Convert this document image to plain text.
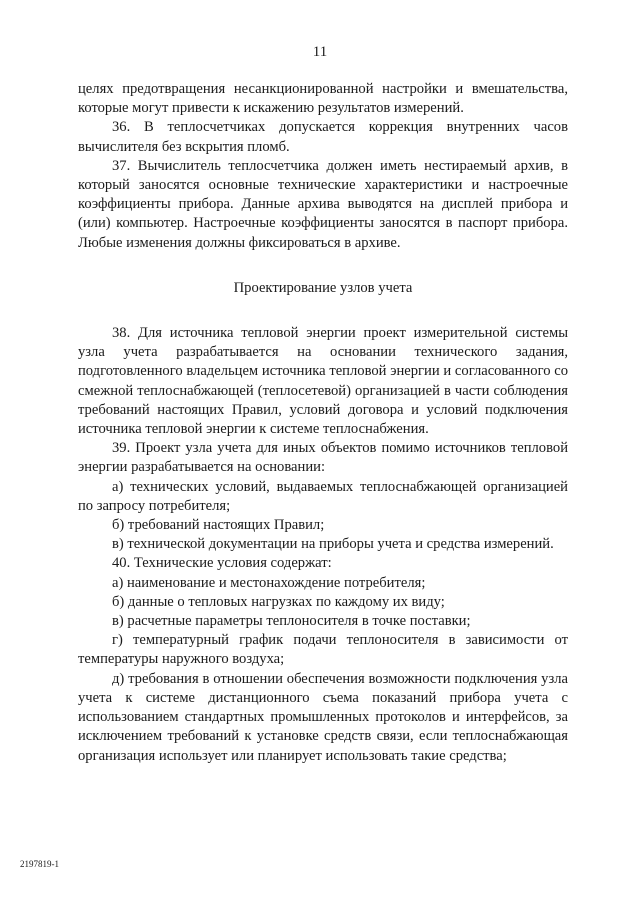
11

целях предотвращения несанкционированной настройки и вмешательства, которые могут привести к искажению результатов измерений.

36. В теплосчетчиках допускается коррекция внутренних часов вычислителя без вскрытия пломб.

37. Вычислитель теплосчетчика должен иметь нестираемый архив, в который заносятся основные технические характеристики и настроечные коэффициенты прибора. Данные архива выводятся на дисплей прибора и (или) компьютер. Настроечные коэффициенты заносятся в паспорт прибора. Любые изменения должны фиксироваться в архиве.

Проектирование узлов учета

38. Для источника тепловой энергии проект измерительной системы узла учета разрабатывается на основании технического задания, подготовленного владельцем источника тепловой энергии и согласованного со смежной теплоснабжающей (теплосетевой) организацией в части соблюдения требований настоящих Правил, условий договора и условий подключения источника тепловой энергии к системе теплоснабжения.

39. Проект узла учета для иных объектов помимо источников тепловой энергии разрабатывается на основании:

а) технических условий, выдаваемых теплоснабжающей организацией по запросу потребителя;

б) требований настоящих Правил;

в) технической документации на приборы учета и средства измерений.

40. Технические условия содержат:

а) наименование и местонахождение потребителя;

б) данные о тепловых нагрузках по каждому их виду;

в) расчетные параметры теплоносителя в точке поставки;

г) температурный график подачи теплоносителя в зависимости от температуры наружного воздуха;

д) требования в отношении обеспечения возможности подключения узла учета к системе дистанционного съема показаний прибора учета с использованием стандартных промышленных протоколов и интерфейсов, за исключением требований к установке средств связи, если теплоснабжающая организация использует или планирует использовать такие средства;

2197819-1
